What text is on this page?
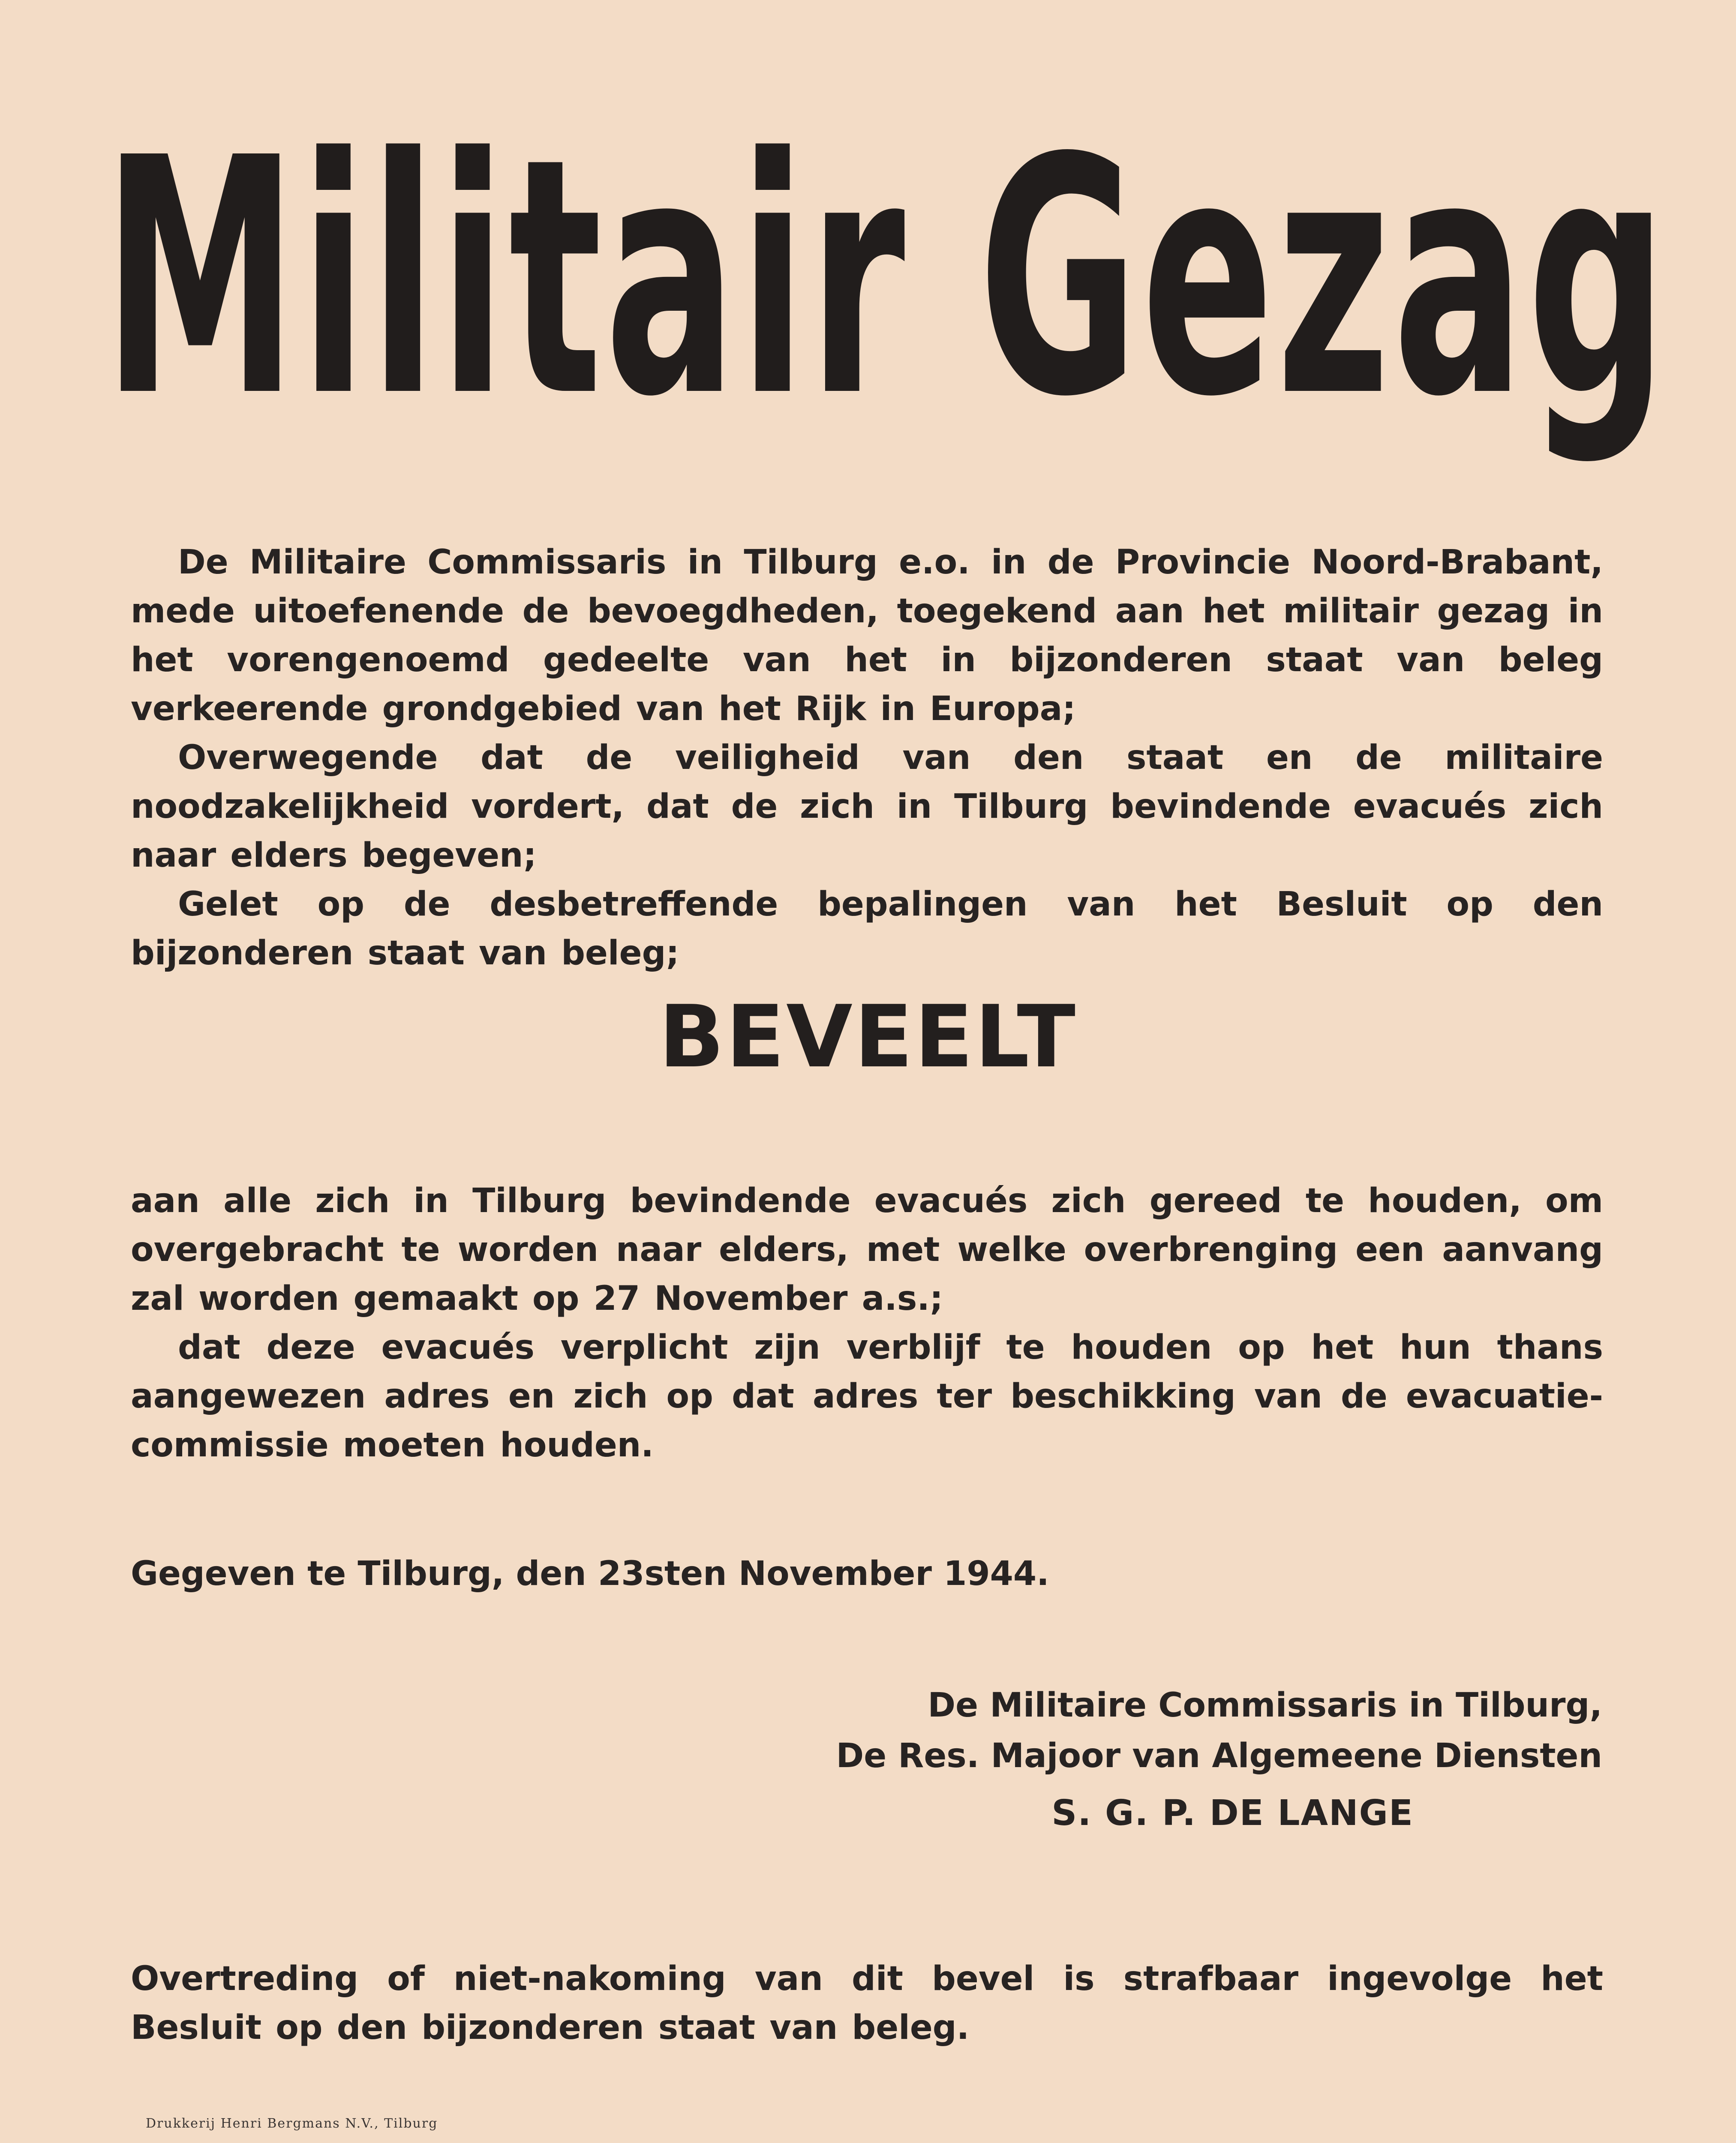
Militair Gezag

De Militaire Commissaris in Tilburg e.o. in de Provincie Noord-Brabant, mede uitoefenende de bevoegdheden, toegekend aan het militair gezag in het vorengenoemd gedeelte van het in bijzonderen staat van beleg verkeerende grondgebied van het Rijk in Europa;

Overwegende dat de veiligheid van den staat en de militaire noodzakelijkheid vordert, dat de zich in Tilburg bevindende evacués zich naar elders begeven;

Gelet op de desbetreffende bepalingen van het Besluit op den bijzonderen staat van beleg;

BEVEELT

aan alle zich in Tilburg bevindende evacués zich gereed te houden, om overgebracht te worden naar elders, met welke overbrenging een aanvang zal worden gemaakt op 27 November a.s.;

dat deze evacués verplicht zijn verblijf te houden op het hun thans aangewezen adres en zich op dat adres ter beschikking van de evacuatie-commissie moeten houden.

Gegeven te Tilburg, den 23sten November 1944.

De Militaire Commissaris in Tilburg,

De Res. Majoor van Algemeene Diensten

S. G. P. DE LANGE

Overtreding of niet-nakoming van dit bevel is strafbaar ingevolge het Besluit op den bijzonderen staat van beleg.

Drukkerij Henri Bergmans N.V., Tilburg
